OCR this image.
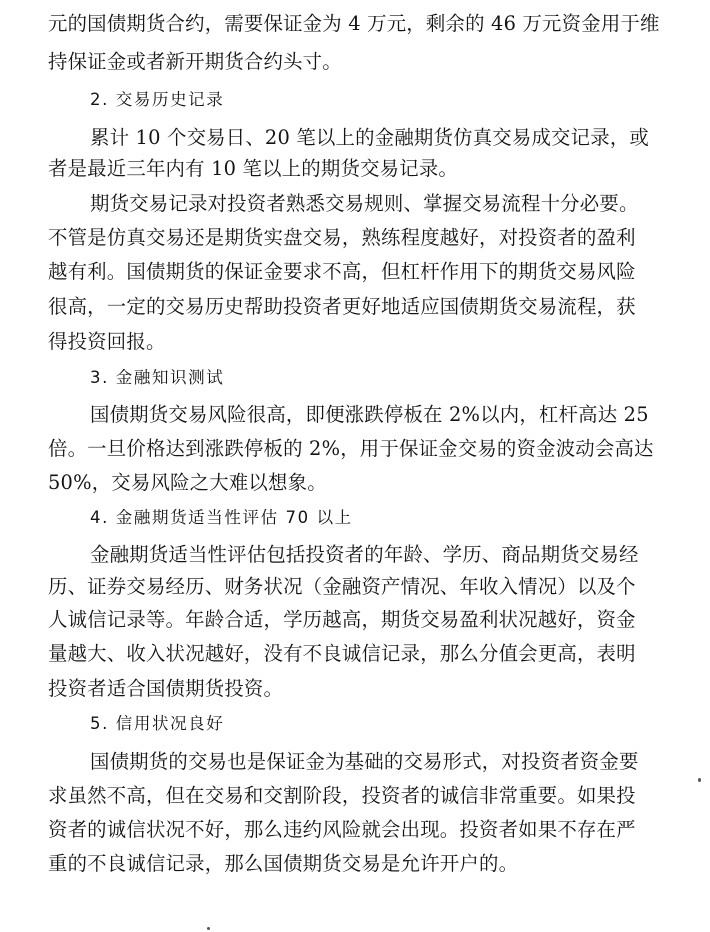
元的国债期货合约，需要保证金为 4 万元，剩余的 46 万元资金用于维
持保证金或者新开期货合约头寸。
2. 交易历史记录
累计 10 个交易日、20 笔以上的金融期货仿真交易成交记录，或
者是最近三年内有 10 笔以上的期货交易记录。
期货交易记录对投资者熟悉交易规则、掌握交易流程十分必要。
不管是仿真交易还是期货实盘交易，熟练程度越好，对投资者的盈利
越有利。国债期货的保证金要求不高，但杠杆作用下的期货交易风险
很高，一定的交易历史帮助投资者更好地适应国债期货交易流程，获
得投资回报。
3. 金融知识测试
国债期货交易风险很高，即便涨跌停板在 2%以内，杠杆高达 25
倍。一旦价格达到涨跌停板的 2%，用于保证金交易的资金波动会高达
50%，交易风险之大难以想象。
4. 金融期货适当性评估 70 以上
金融期货适当性评估包括投资者的年龄、学历、商品期货交易经
历、证券交易经历、财务状况（金融资产情况、年收入情况）以及个
人诚信记录等。年龄合适，学历越高，期货交易盈利状况越好，资金
量越大、收入状况越好，没有不良诚信记录，那么分值会更高，表明
投资者适合国债期货投资。
5. 信用状况良好
国债期货的交易也是保证金为基础的交易形式，对投资者资金要
求虽然不高，但在交易和交割阶段，投资者的诚信非常重要。如果投
资者的诚信状况不好，那么违约风险就会出现。投资者如果不存在严
重的不良诚信记录，那么国债期货交易是允许开户的。
